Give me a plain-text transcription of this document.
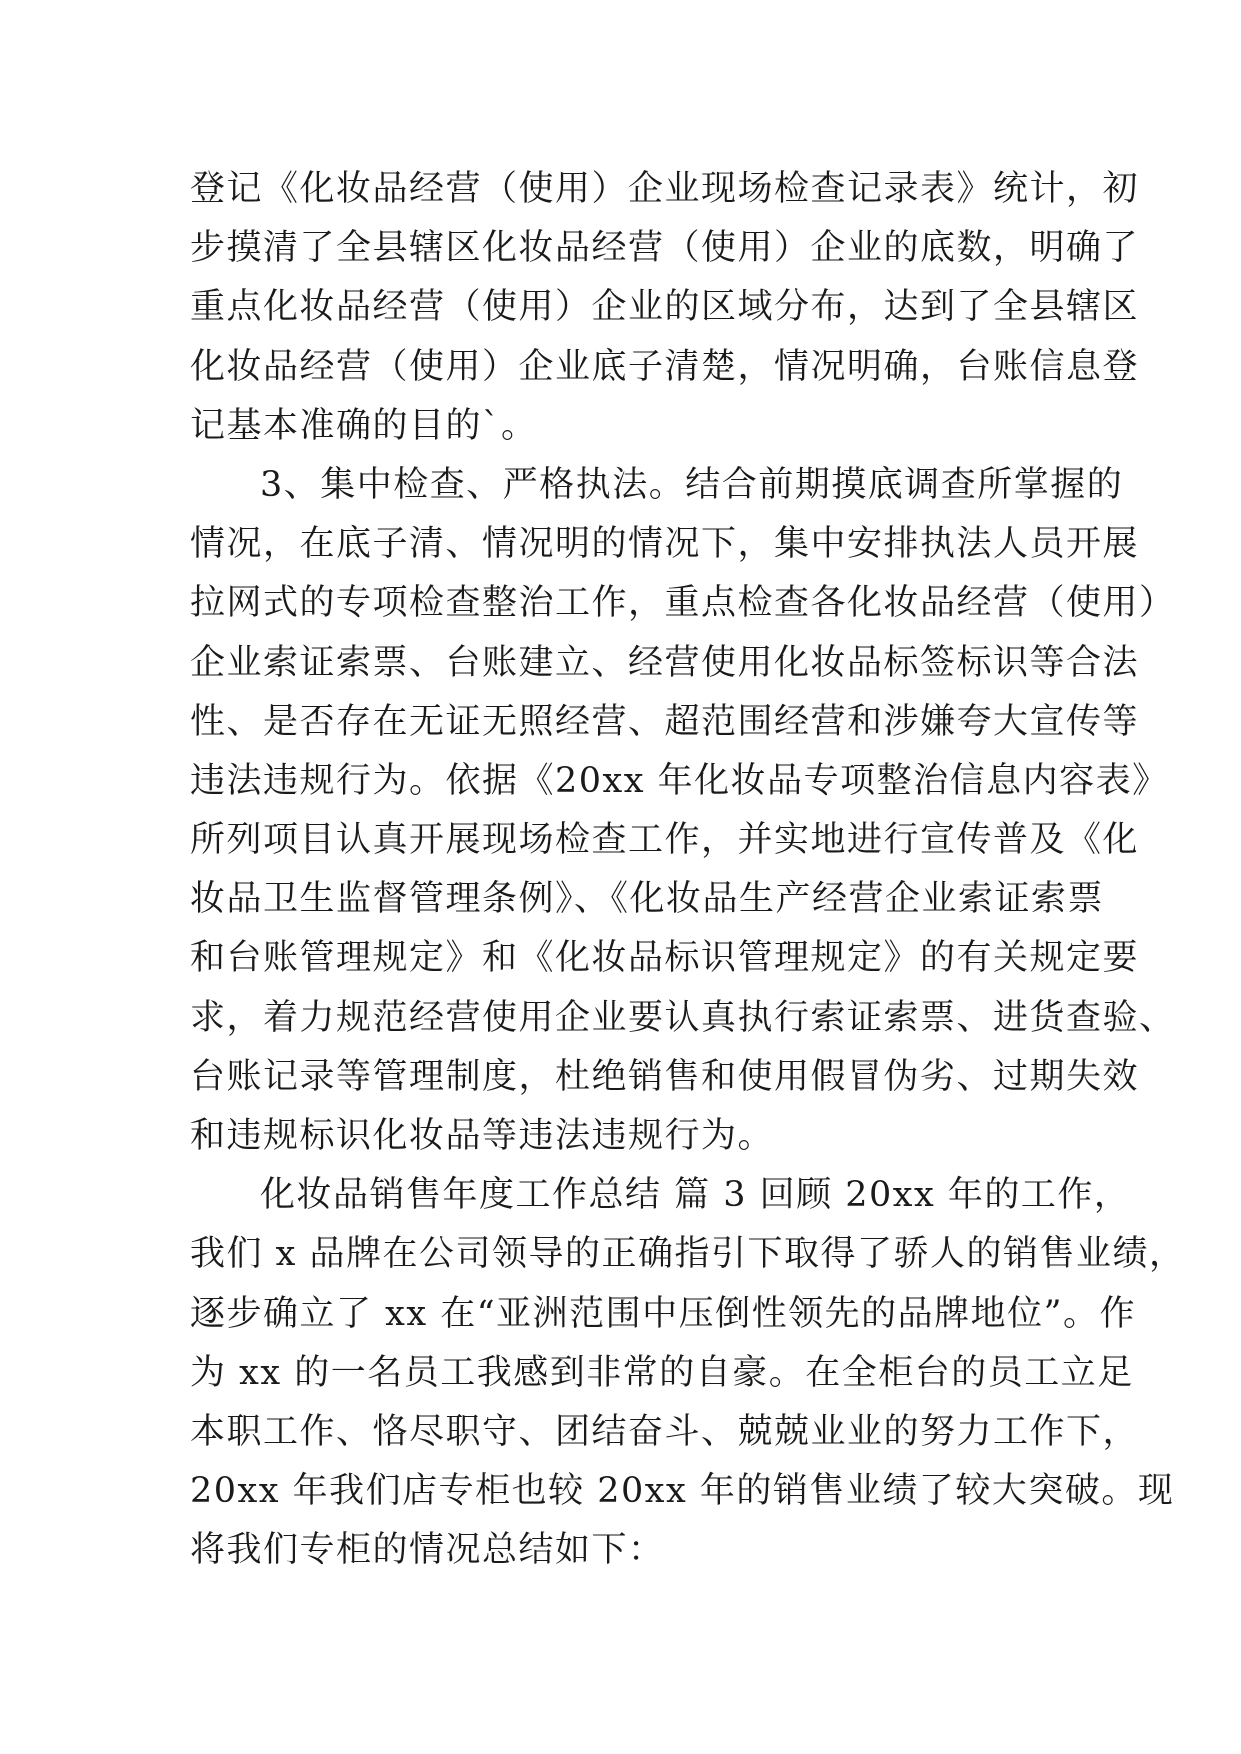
登记《化妆品经营（使用）企业现场检查记录表》统计，初
步摸清了全县辖区化妆品经营（使用）企业的底数，明确了
重点化妆品经营（使用）企业的区域分布，达到了全县辖区
化妆品经营（使用）企业底子清楚，情况明确，台账信息登
记基本准确的目的`。
3、集中检查、严格执法。结合前期摸底调查所掌握的
情况，在底子清、情况明的情况下，集中安排执法人员开展
拉网式的专项检查整治工作，重点检查各化妆品经营（使用）
企业索证索票、台账建立、经营使用化妆品标签标识等合法
性、是否存在无证无照经营、超范围经营和涉嫌夸大宣传等
违法违规行为。依据《20xx 年化妆品专项整治信息内容表》
所列项目认真开展现场检查工作，并实地进行宣传普及《化
妆品卫生监督管理条例》、《化妆品生产经营企业索证索票
和台账管理规定》和《化妆品标识管理规定》的有关规定要
求，着力规范经营使用企业要认真执行索证索票、进货查验、
台账记录等管理制度，杜绝销售和使用假冒伪劣、过期失效
和违规标识化妆品等违法违规行为。
化妆品销售年度工作总结 篇 3 回顾 20xx 年的工作，
我们 x 品牌在公司领导的正确指引下取得了骄人的销售业绩，
逐步确立了 xx 在“亚洲范围中压倒性领先的品牌地位”。作
为 xx 的一名员工我感到非常的自豪。在全柜台的员工立足
本职工作、恪尽职守、团结奋斗、兢兢业业的努力工作下，
20xx 年我们店专柜也较 20xx 年的销售业绩了较大突破。现
将我们专柜的情况总结如下：
